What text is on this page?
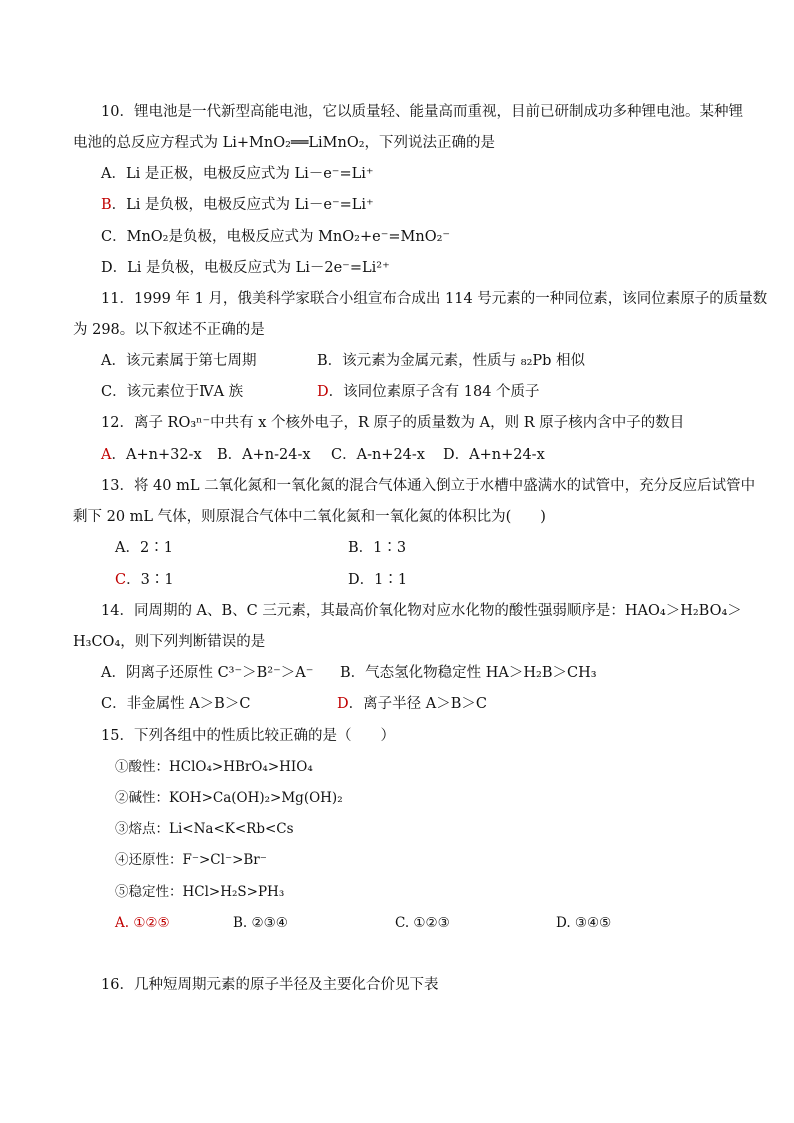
10．锂电池是一代新型高能电池，它以质量轻、能量高而重视，目前已研制成功多种锂电池。某种锂
电池的总反应方程式为 Li+MnO₂══LiMnO₂，下列说法正确的是
A．Li 是正极，电极反应式为 Li－e⁻=Li⁺
B．Li 是负极，电极反应式为 Li－e⁻=Li⁺
C．MnO₂是负极，电极反应式为 MnO₂+e⁻=MnO₂⁻
D．Li 是负极，电极反应式为 Li－2e⁻=Li²⁺
11．1999 年 1 月，俄美科学家联合小组宣布合成出 114 号元素的一种同位素，该同位素原子的质量数
为 298。以下叙述不正确的是
A．该元素属于第七周期	B．该元素为金属元素，性质与 ₈₂Pb 相似
C．该元素位于ⅣA 族	D．该同位素原子含有 184 个质子
12．离子 RO₃ⁿ⁻中共有 x 个核外电子，R 原子的质量数为 A，则 R 原子核内含中子的数目
A．A+n+32-x B．A+n-24-x C．A-n+24-x D．A+n+24-x
13．将 40 mL 二氧化氮和一氧化氮的混合气体通入倒立于水槽中盛满水的试管中，充分反应后试管中
剩下 20 mL 气体，则原混合气体中二氧化氮和一氧化氮的体积比为(　　)
A．2∶1	B．1∶3
C．3∶1	D．1∶1
14．同周期的 A、B、C 三元素，其最高价氧化物对应水化物的酸性强弱顺序是：HAO₄＞H₂BO₄＞
H₃CO₄，则下列判断错误的是
A．阴离子还原性 C³⁻＞B²⁻＞A⁻ B．气态氢化物稳定性 HA＞H₂B＞CH₃
C．非金属性 A＞B＞C	D．离子半径 A＞B＞C
15．下列各组中的性质比较正确的是（　　）
①酸性：HClO₄>HBrO₄>HIO₄
②碱性：KOH>Ca(OH)₂>Mg(OH)₂
③熔点：Li<Na<K<Rb<Cs
④还原性：F⁻>Cl⁻>Br⁻
⑤稳定性：HCl>H₂S>PH₃
A. ①②⑤	B. ②③④	C. ①②③	D. ③④⑤
16．几种短周期元素的原子半径及主要化合价见下表
